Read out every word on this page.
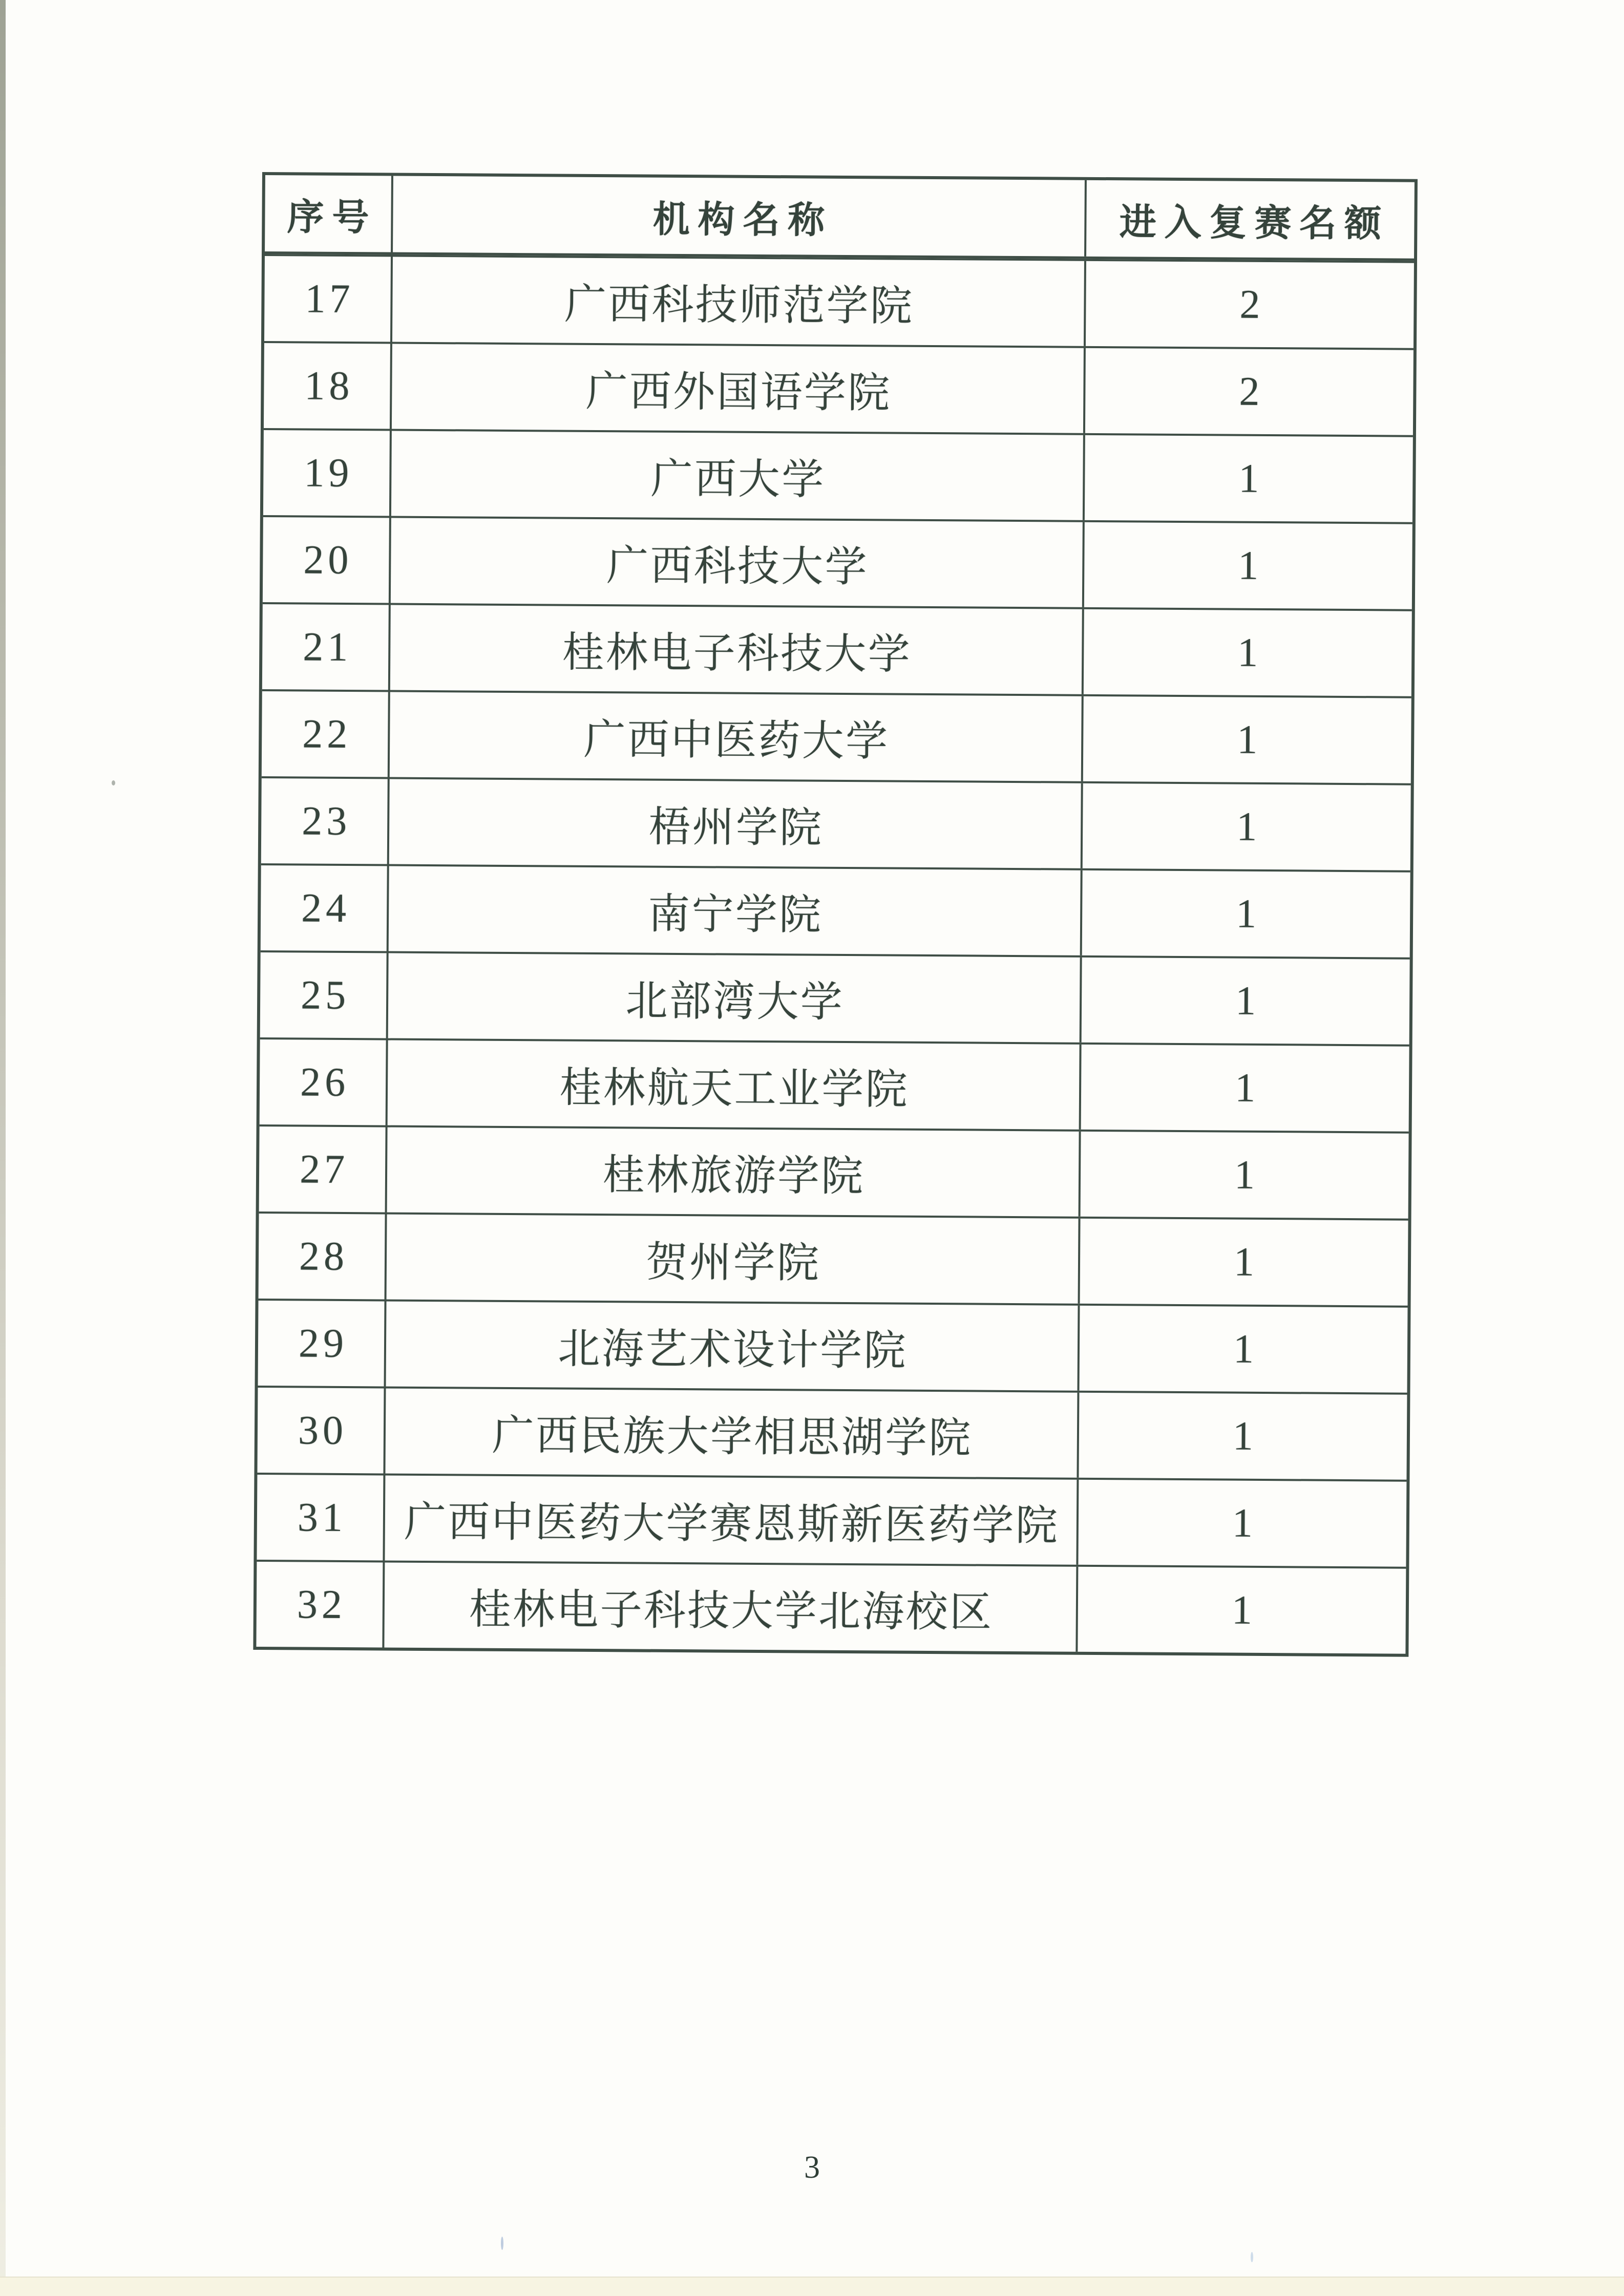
序号	机构名称	进入复赛名额
17	广西科技师范学院	2
18	广西外国语学院	2
19	广西大学	1
20	广西科技大学	1
21	桂林电子科技大学	1
22	广西中医药大学	1
23	梧州学院	1
24	南宁学院	1
25	北部湾大学	1
26	桂林航天工业学院	1
27	桂林旅游学院	1
28	贺州学院	1
29	北海艺术设计学院	1
30	广西民族大学相思湖学院	1
31	广西中医药大学赛恩斯新医药学院	1
32	桂林电子科技大学北海校区	1
3
